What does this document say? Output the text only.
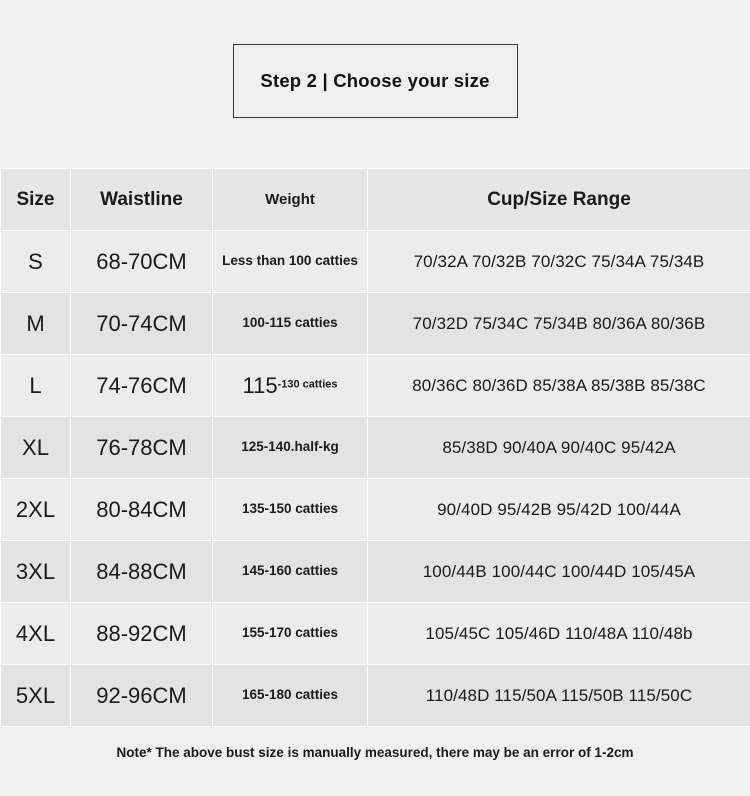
Step 2 | Choose your size
Size	Waistline	Weight	Cup/Size Range
S	68-70CM	Less than 100 catties	70/32A 70/32B 70/32C 75/34A 75/34B
M	70-74CM	100-115 catties	70/32D 75/34C 75/34B 80/36A 80/36B
L	74-76CM	$115^{-130 catties}$	80/36C 80/36D 85/38A 85/38B 85/38C
XL	76-78CM	125-140.half-kg	85/38D 90/40A 90/40C 95/42A
2XL	80-84CM	135-150 catties	90/40D 95/42B 95/42D 100/44A
3XL	84-88CM	145-160 catties	100/44B 100/44C 100/44D 105/45A
4XL	88-92CM	155-170 catties	105/45C 105/46D 110/48A 110/48b
5XL	92-96CM	165-180 catties	110/48D 115/50A 115/50B 115/50C
Note* The above bust size is manually measured, there may be an error of 1-2cm
